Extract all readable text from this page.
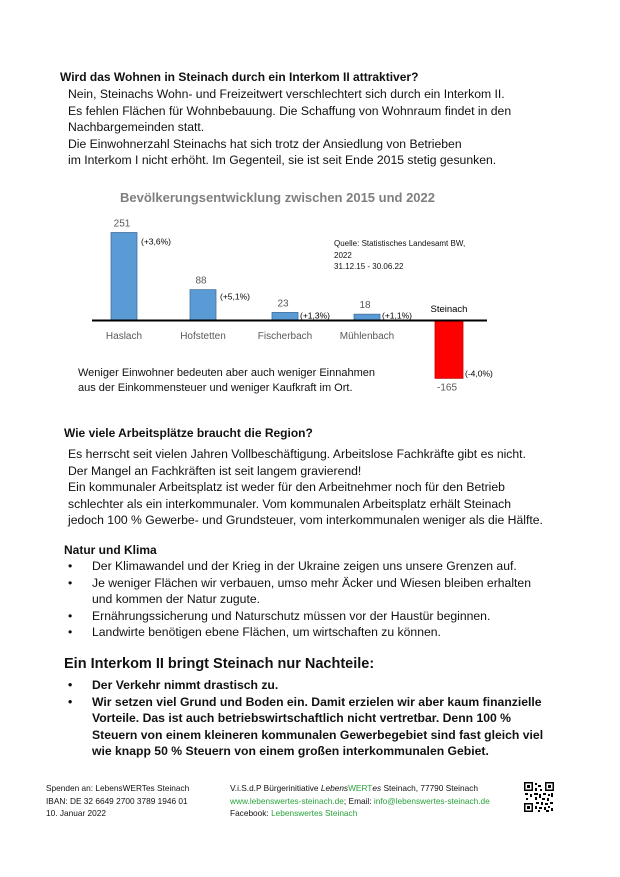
Wird das Wohnen in Steinach durch ein Interkom II attraktiver?
Nein, Steinachs Wohn- und Freizeitwert verschlechtert sich durch ein Interkom II.
Es fehlen Flächen für Wohnbebauung. Die Schaffung von Wohnraum findet in den
Nachbargemeinden statt.
Die Einwohnerzahl Steinachs hat sich trotz der Ansiedlung von Betrieben
im Interkom I nicht erhöht. Im Gegenteil, sie ist seit Ende 2015 stetig gesunken.
Bevölkerungsentwicklung zwischen 2015 und 2022
251
(+3,6%)
88
(+5,1%)
23
(+1,3%)
18
(+1,1%)
-165
(-4,0%)
Haslach	Hofstetten	Fischerbach	Mühlenbach
Steinach
Quelle: Statistisches Landesamt BW,
2022
31.12.15 - 30.06.22
Weniger Einwohner bedeuten aber auch weniger Einnahmen
aus der Einkommensteuer und weniger Kaufkraft im Ort.
Wie viele Arbeitsplätze braucht die Region?
Es herrscht seit vielen Jahren Vollbeschäftigung. Arbeitslose Fachkräfte gibt es nicht.
Der Mangel an Fachkräften ist seit langem gravierend!
Ein kommunaler Arbeitsplatz ist weder für den Arbeitnehmer noch für den Betrieb
schlechter als ein interkommunaler. Vom kommunalen Arbeitsplatz erhält Steinach
jedoch 100 % Gewerbe- und Grundsteuer, vom interkommunalen weniger als die Hälfte.
Natur und Klima
• Der Klimawandel und der Krieg in der Ukraine zeigen uns unsere Grenzen auf.
• Je weniger Flächen wir verbauen, umso mehr Äcker und Wiesen bleiben erhalten
und kommen der Natur zugute.
• Ernährungssicherung und Naturschutz müssen vor der Haustür beginnen.
• Landwirte benötigen ebene Flächen, um wirtschaften zu können.
Ein Interkom II bringt Steinach nur Nachteile:
• Der Verkehr nimmt drastisch zu.
• Wir setzen viel Grund und Boden ein. Damit erzielen wir aber kaum finanzielle
Vorteile. Das ist auch betriebswirtschaftlich nicht vertretbar. Denn 100 %
Steuern von einem kleineren kommunalen Gewerbegebiet sind fast gleich viel
wie knapp 50 % Steuern von einem großen interkommunalen Gebiet.
Spenden an: LebensWERTes Steinach
IBAN: DE 32 6649 2700 3789 1946 01
10. Januar 2022
V.i.S.d.P Bürgerinitiative LebensWERTes Steinach, 77790 Steinach
www.lebenswertes-steinach.de; Email: info@lebenswertes-steinach.de
Facebook: Lebenswertes Steinach
